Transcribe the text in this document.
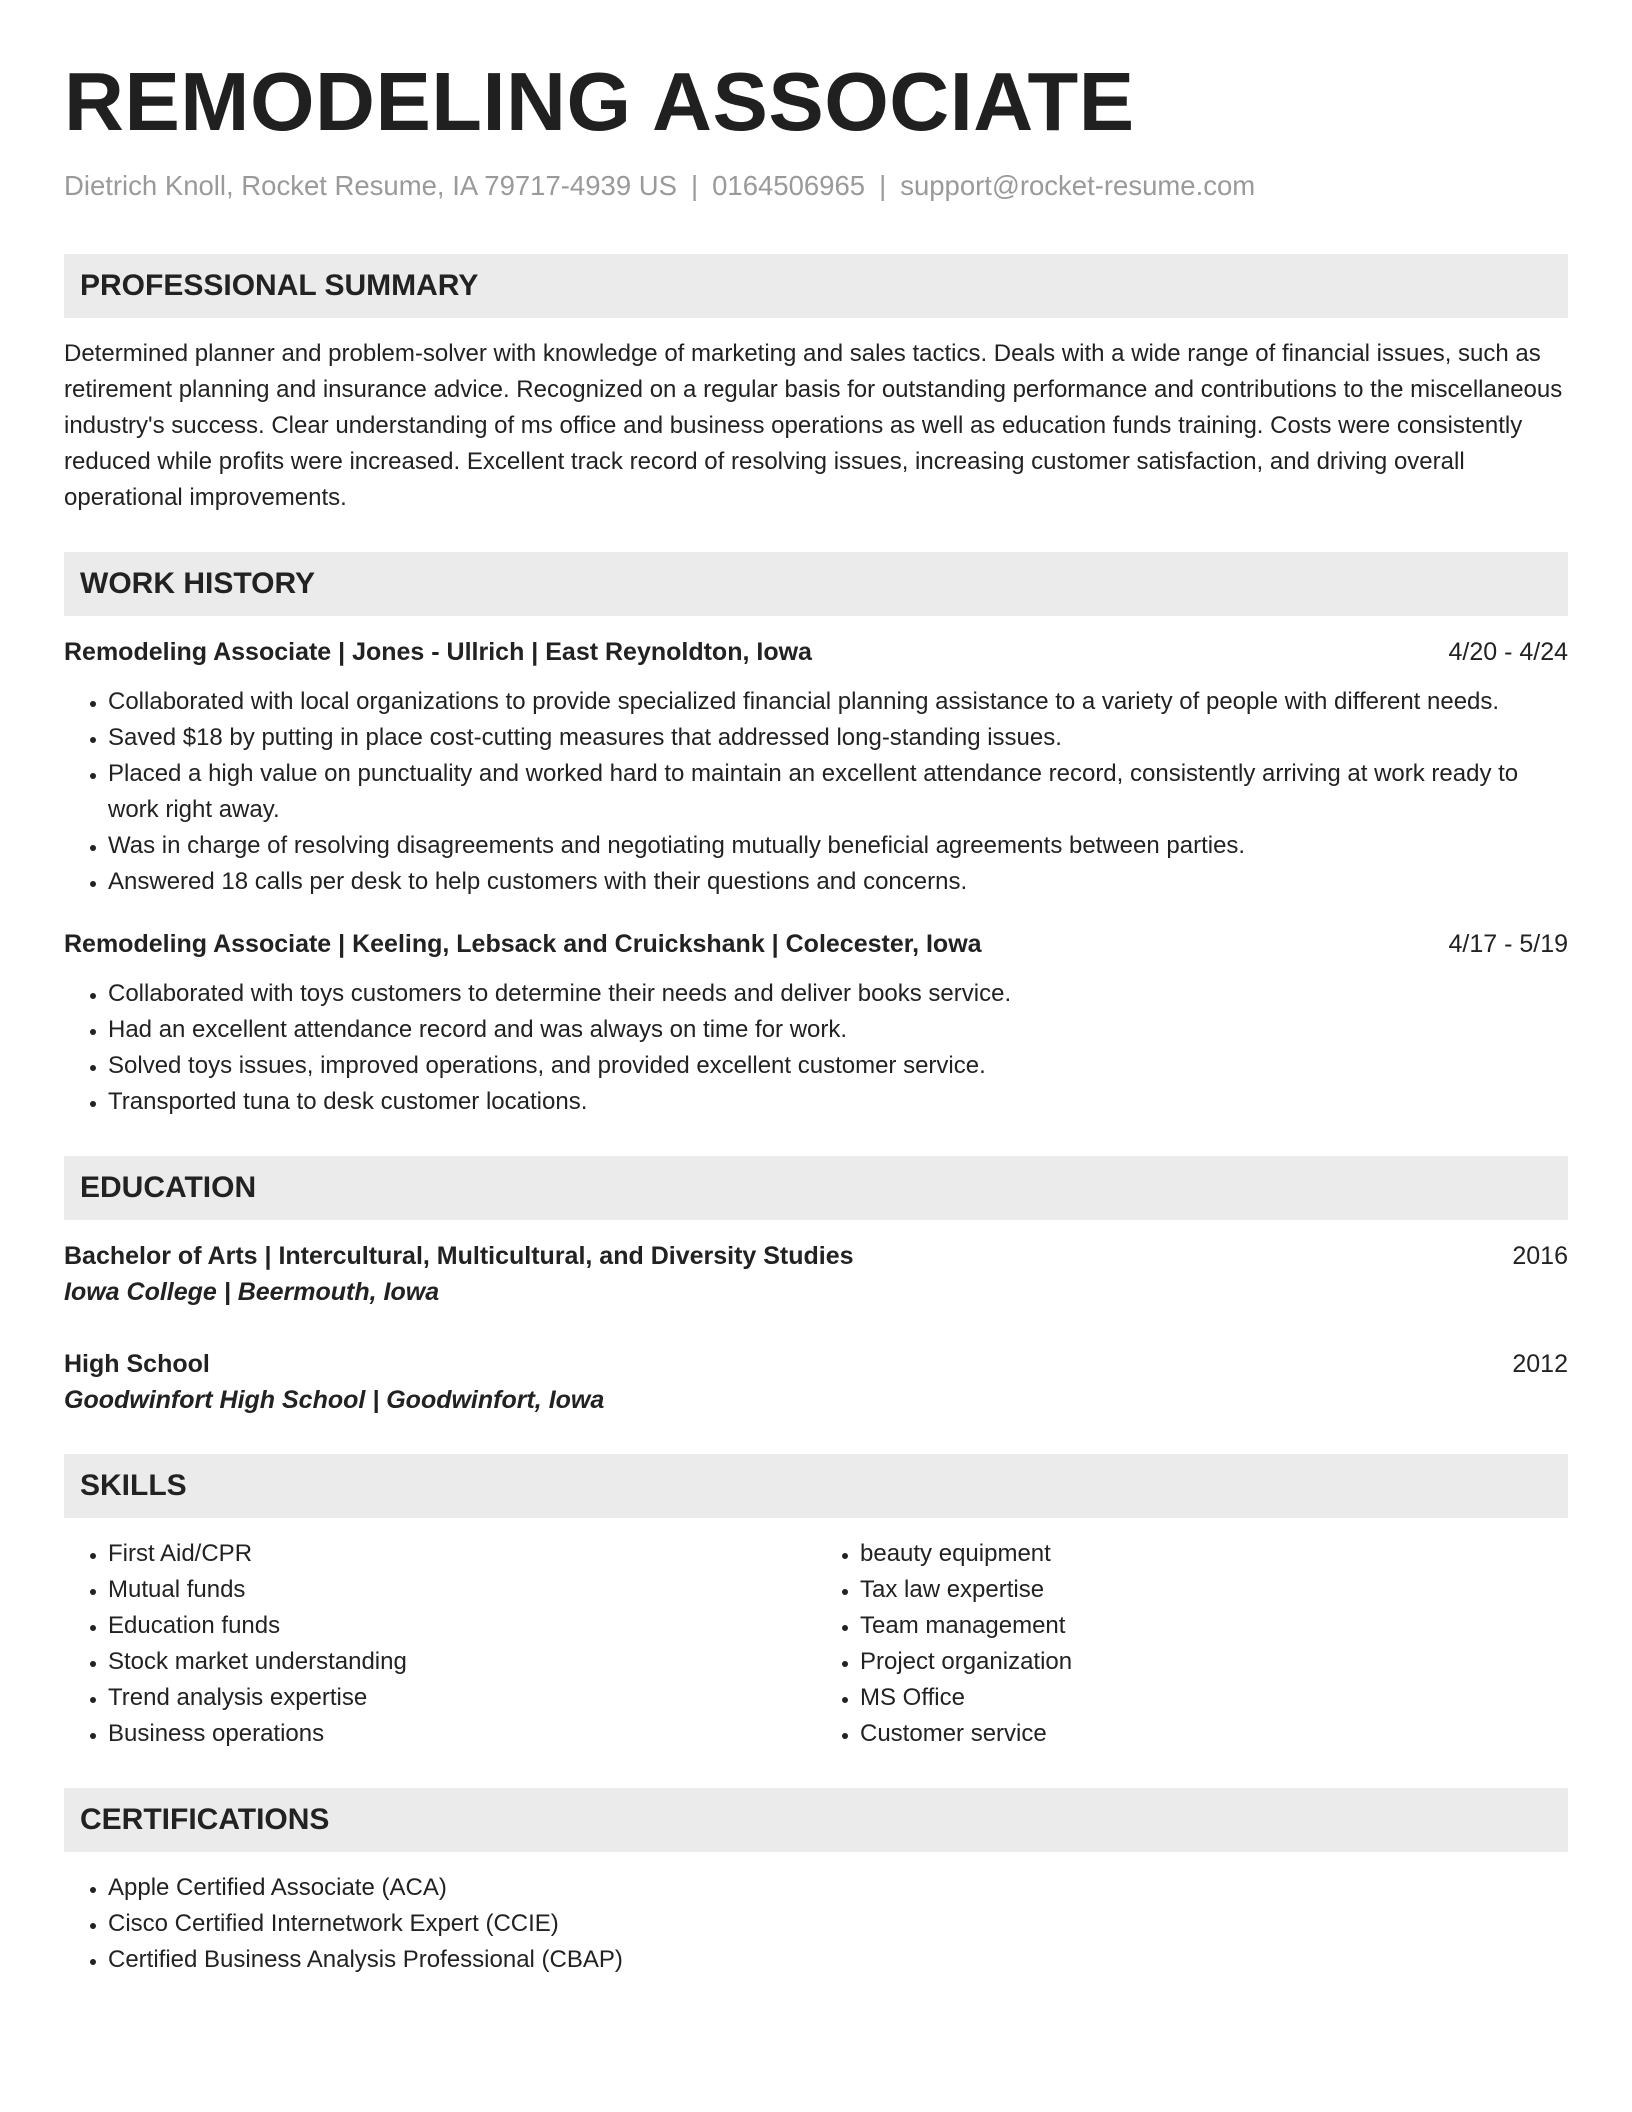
REMODELING ASSOCIATE
Dietrich Knoll, Rocket Resume, IA 79717-4939 US | 0164506965 | support@rocket-resume.com
PROFESSIONAL SUMMARY

Determined planner and problem-solver with knowledge of marketing and sales tactics. Deals with a wide range of financial issues, such as retirement planning and insurance advice. Recognized on a regular basis for outstanding performance and contributions to the miscellaneous industry's success. Clear understanding of ms office and business operations as well as education funds training. Costs were consistently reduced while profits were increased. Excellent track record of resolving issues, increasing customer satisfaction, and driving overall operational improvements.

WORK HISTORY
Remodeling Associate | Jones - Ullrich | East Reynoldton, Iowa	4/20 - 4/24
• Collaborated with local organizations to provide specialized financial planning assistance to a variety of people with different needs.
• Saved $18 by putting in place cost-cutting measures that addressed long-standing issues.
• Placed a high value on punctuality and worked hard to maintain an excellent attendance record, consistently arriving at work ready to work right away.
• Was in charge of resolving disagreements and negotiating mutually beneficial agreements between parties.
• Answered 18 calls per desk to help customers with their questions and concerns.
Remodeling Associate | Keeling, Lebsack and Cruickshank | Colecester, Iowa	4/17 - 5/19
• Collaborated with toys customers to determine their needs and deliver books service.
• Had an excellent attendance record and was always on time for work.
• Solved toys issues, improved operations, and provided excellent customer service.
• Transported tuna to desk customer locations.
EDUCATION
Bachelor of Arts | Intercultural, Multicultural, and Diversity Studies	2016
Iowa College | Beermouth, Iowa
High School	2012
Goodwinfort High School | Goodwinfort, Iowa
SKILLS
• First Aid/CPR
• Mutual funds
• Education funds
• Stock market understanding
• Trend analysis expertise
• Business operations
• beauty equipment
• Tax law expertise
• Team management
• Project organization
• MS Office
• Customer service
CERTIFICATIONS
• Apple Certified Associate (ACA)
• Cisco Certified Internetwork Expert (CCIE)
• Certified Business Analysis Professional (CBAP)
